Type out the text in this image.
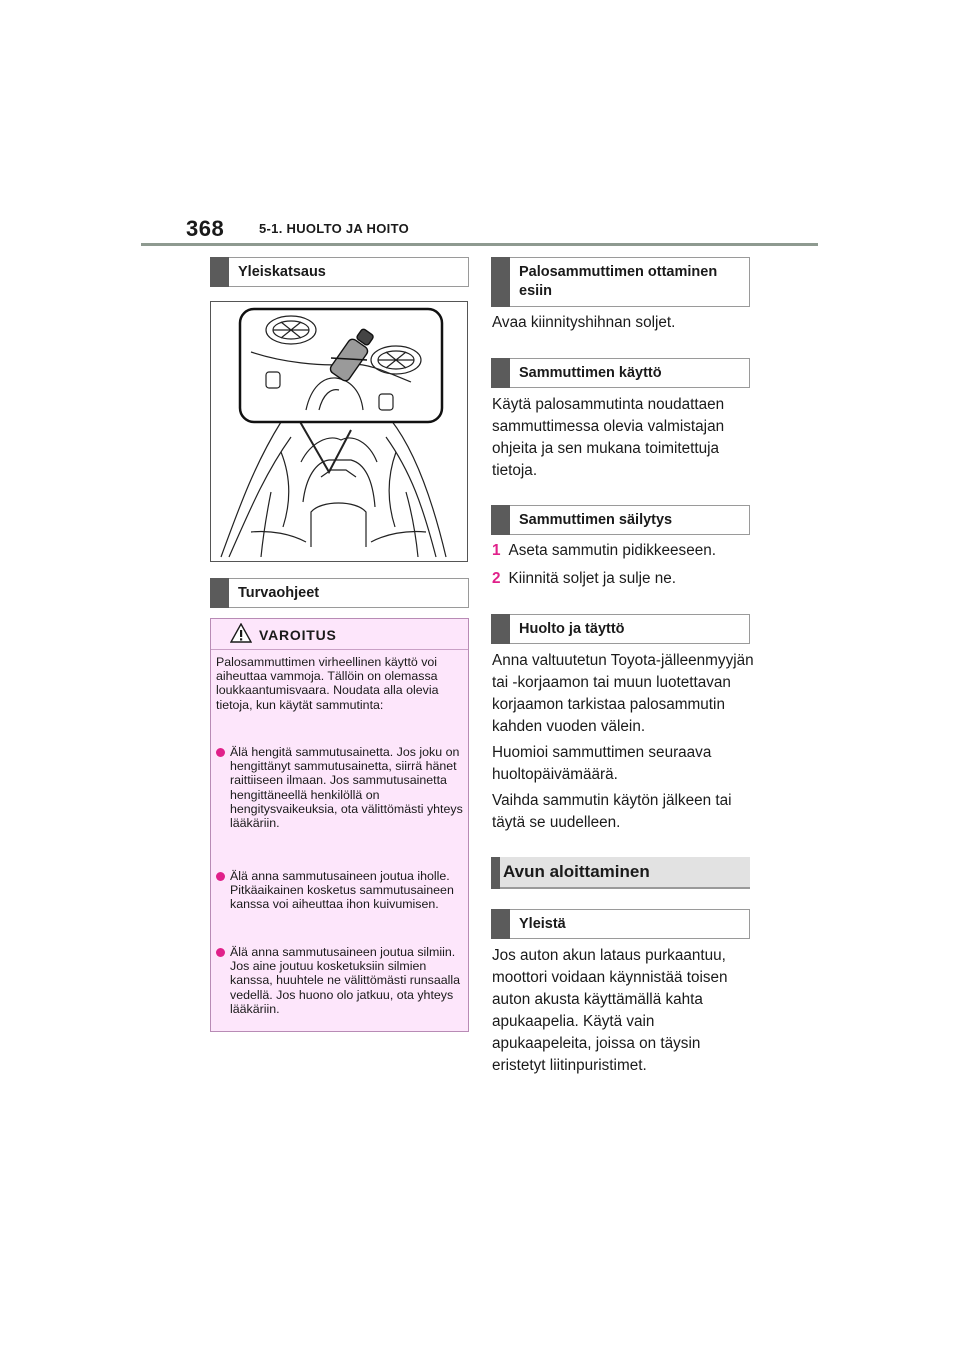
368	5-1. HUOLTO JA HOITO
Yleiskatsaus
Turvaohjeet
VAROITUS
Palosammuttimen virheellinen käyttö voi aiheuttaa vammoja. Tällöin on olemassa loukkaantumisvaara. Noudata alla olevia tietoja, kun käytät sammutinta:
Älä hengitä sammutusainetta. Jos joku on hengittänyt sammutusainetta, siirrä hänet raittiiseen ilmaan. Jos sammutusainetta hengittäneellä henkilöllä on hengitysvaikeuksia, ota välittömästi yhteys lääkäriin.
Älä anna sammutusaineen joutua iholle. Pitkäaikainen kosketus sammutusaineen kanssa voi aiheuttaa ihon kuivumisen.
Älä anna sammutusaineen joutua silmiin. Jos aine joutuu kosketuksiin silmien kanssa, huuhtele ne välittömästi runsaalla vedellä. Jos huono olo jatkuu, ota yhteys lääkäriin.
Palosammuttimen ottaminen esiin
Avaa kiinnityshihnan soljet.
Sammuttimen käyttö
Käytä palosammutinta noudattaen sammuttimessa olevia valmistajan ohjeita ja sen mukana toimitettuja tietoja.
Sammuttimen säilytys
1 Aseta sammutin pidikkeeseen.
2 Kiinnitä soljet ja sulje ne.
Huolto ja täyttö
Anna valtuutetun Toyota-jälleenmyyjän tai -korjaamon tai muun luotettavan korjaamon tarkistaa palosammutin kahden vuoden välein.
Huomioi sammuttimen seuraava huoltopäivämäärä.
Vaihda sammutin käytön jälkeen tai täytä se uudelleen.
Avun aloittaminen
Yleistä
Jos auton akun lataus purkaantuu, moottori voidaan käynnistää toisen auton akusta käyttämällä kahta apukaapelia. Käytä vain apukaapeleita, joissa on täysin eristetyt liitinpuristimet.
